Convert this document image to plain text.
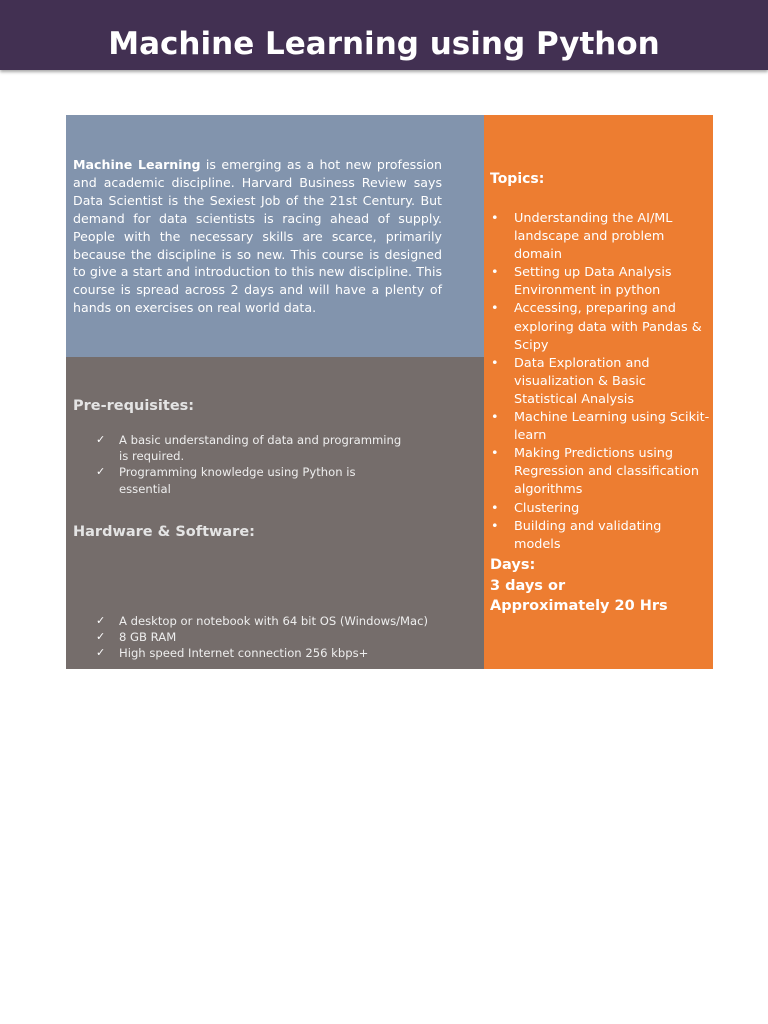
Machine Learning using Python
Machine Learning is emerging as a hot new profession and academic discipline. Harvard Business Review says Data Scientist is the Sexiest Job of the 21st Century. But demand for data scientists is racing ahead of supply. People with the necessary skills are scarce, primarily because the discipline is so new. This course is designed to give a start and introduction to this new discipline. This course is spread across 2 days and will have a plenty of hands on exercises on real world data.
Pre-requisites:
✓ A basic understanding of data and programming is required.
✓ Programming knowledge using Python is essential
Hardware & Software:
✓ A desktop or notebook with 64 bit OS (Windows/Mac)
✓ 8 GB RAM
✓ High speed Internet connection 256 kbps+
Topics:
• Understanding the AI/ML landscape and problem domain
• Setting up Data Analysis Environment in python
• Accessing, preparing and exploring data with Pandas & Scipy
• Data Exploration and visualization & Basic Statistical Analysis
• Machine Learning using Scikit-learn
• Making Predictions using Regression and classification algorithms
• Clustering
• Building and validating models
Days:
3 days or
Approximately 20 Hrs
